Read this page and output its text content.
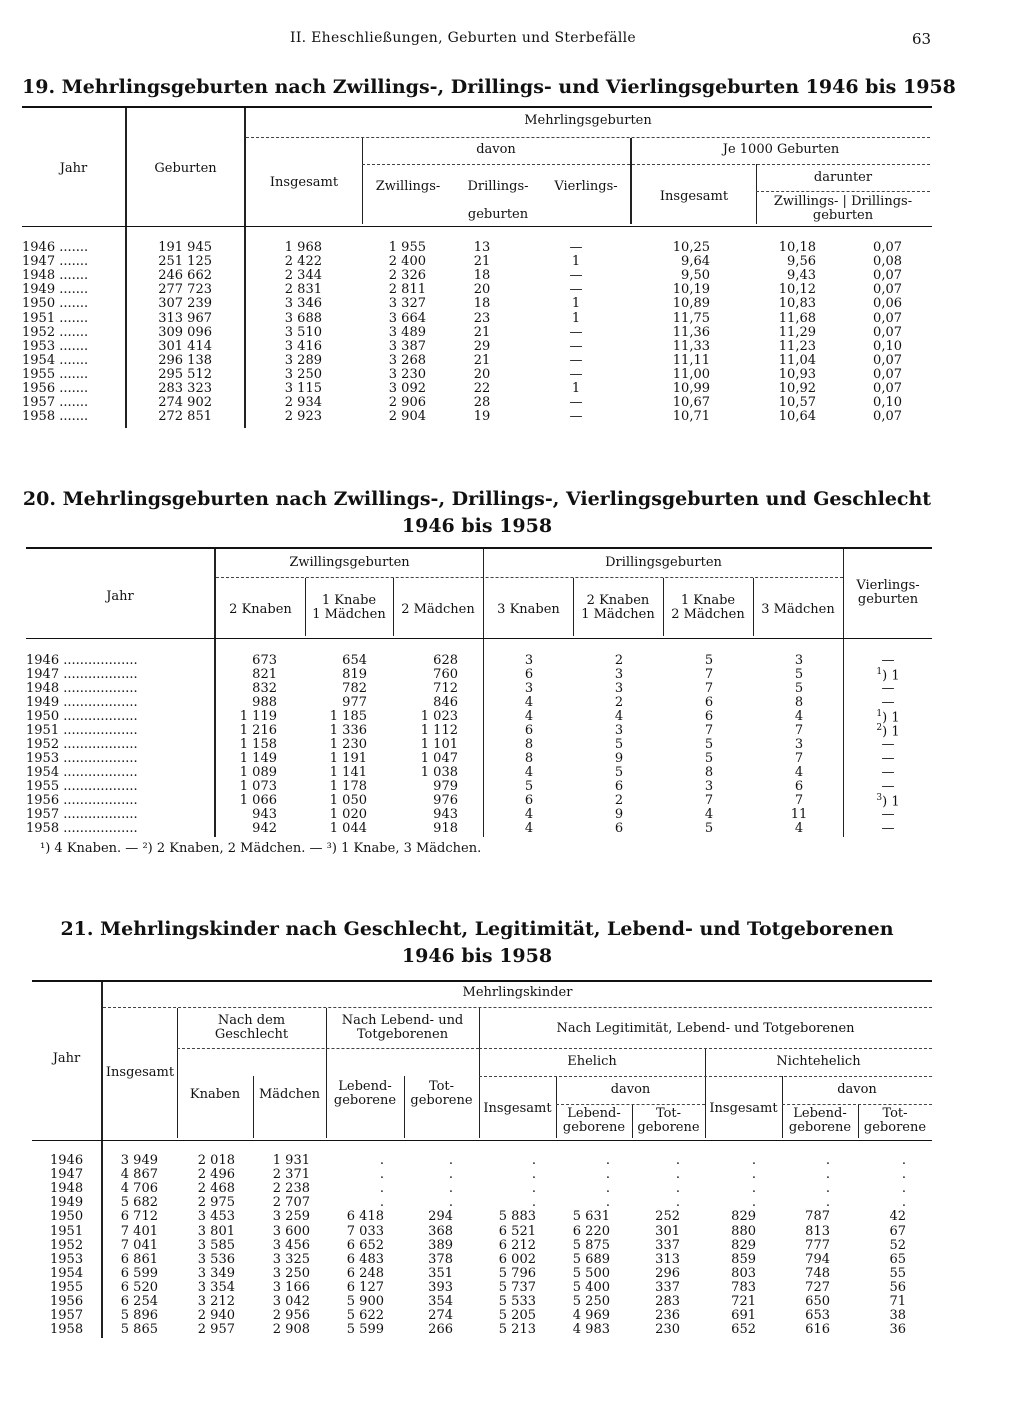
II. Eheschließungen, Geburten und Sterbefälle	63
19. Mehrlingsgeburten nach Zwillings-, Drillings- und Vierlingsgeburten 1946 bis 1958
Jahr	Geburten
Mehrlingsgeburten
Insgesamt
davon
Zwillings-	Drillings-	Vierlings-
geburten
Je 1000 Geburten
Insgesamt
darunter
Zwillings- | Drillings-
geburten
1946 .......	191 945	1 968	1 955	13	—	10,25	10,18	0,07
1947 .......	251 125	2 422	2 400	21	1	9,64	9,56	0,08
1948 .......	246 662	2 344	2 326	18	—	9,50	9,43	0,07
1949 .......	277 723	2 831	2 811	20	—	10,19	10,12	0,07
1950 .......	307 239	3 346	3 327	18	1	10,89	10,83	0,06
1951 .......	313 967	3 688	3 664	23	1	11,75	11,68	0,07
1952 .......	309 096	3 510	3 489	21	—	11,36	11,29	0,07
1953 .......	301 414	3 416	3 387	29	—	11,33	11,23	0,10
1954 .......	296 138	3 289	3 268	21	—	11,11	11,04	0,07
1955 .......	295 512	3 250	3 230	20	—	11,00	10,93	0,07
1956 .......	283 323	3 115	3 092	22	1	10,99	10,92	0,07
1957 .......	274 902	2 934	2 906	28	—	10,67	10,57	0,10
1958 .......	272 851	2 923	2 904	19	—	10,71	10,64	0,07
20. Mehrlingsgeburten nach Zwillings-, Drillings-, Vierlingsgeburten und Geschlecht
1946 bis 1958
Jahr
Zwillingsgeburten	Drillingsgeburten
Vierlings-
geburten
2 Knaben
1 Knabe
1 Mädchen	2 Mädchen	3 Knaben
2 Knaben
1 Mädchen
1 Knabe
2 Mädchen	3 Mädchen
1946 ..................	673	654	628	3	2	5	3	—
1947 ..................	821	819	760	6	3	7	5	$^1$) 1
1948 ..................	832	782	712	3	3	7	5	—
1949 ..................	988	977	846	4	2	6	8	—
1950 ..................	1 119	1 185	1 023	4	4	6	4	$^1$) 1
1951 ..................	1 216	1 336	1 112	6	3	7	7	$^2$) 1
1952 ..................	1 158	1 230	1 101	8	5	5	3	—
1953 ..................	1 149	1 191	1 047	8	9	5	7	—
1954 ..................	1 089	1 141	1 038	4	5	8	4	—
1955 ..................	1 073	1 178	979	5	6	3	6	—
1956 ..................	1 066	1 050	976	6	2	7	7	$^3$) 1
1957 ..................	943	1 020	943	4	9	4	11	—
1958 ..................	942	1 044	918	4	6	5	4	—
¹) 4 Knaben. — ²) 2 Knaben, 2 Mädchen. — ³) 1 Knabe, 3 Mädchen.
21. Mehrlingskinder nach Geschlecht, Legitimität, Lebend- und Totgeborenen
1946 bis 1958
Jahr
Mehrlingskinder
Insgesamt
Nach dem
Geschlecht
Knaben	Mädchen
Nach Lebend- und
Totgeborenen
Lebend-
geborene
Tot-
geborene
Nach Legitimität, Lebend- und Totgeborenen
Ehelich	Nichtehelich
Insgesamt
davon
Lebend-
geborene
Tot-
geborene
Insgesamt
davon
Lebend-
geborene
Tot-
geborene
1946	3 949	2 018	1 931	.	.	.	.	.	.	.	.
1947	4 867	2 496	2 371	.	.	.	.	.	.	.	.
1948	4 706	2 468	2 238	.	.	.	.	.	.	.	.
1949	5 682	2 975	2 707	.	.	.	.	.	.	.	.
1950	6 712	3 453	3 259	6 418	294	5 883	5 631	252	829	787	42
1951	7 401	3 801	3 600	7 033	368	6 521	6 220	301	880	813	67
1952	7 041	3 585	3 456	6 652	389	6 212	5 875	337	829	777	52
1953	6 861	3 536	3 325	6 483	378	6 002	5 689	313	859	794	65
1954	6 599	3 349	3 250	6 248	351	5 796	5 500	296	803	748	55
1955	6 520	3 354	3 166	6 127	393	5 737	5 400	337	783	727	56
1956	6 254	3 212	3 042	5 900	354	5 533	5 250	283	721	650	71
1957	5 896	2 940	2 956	5 622	274	5 205	4 969	236	691	653	38
1958	5 865	2 957	2 908	5 599	266	5 213	4 983	230	652	616	36
